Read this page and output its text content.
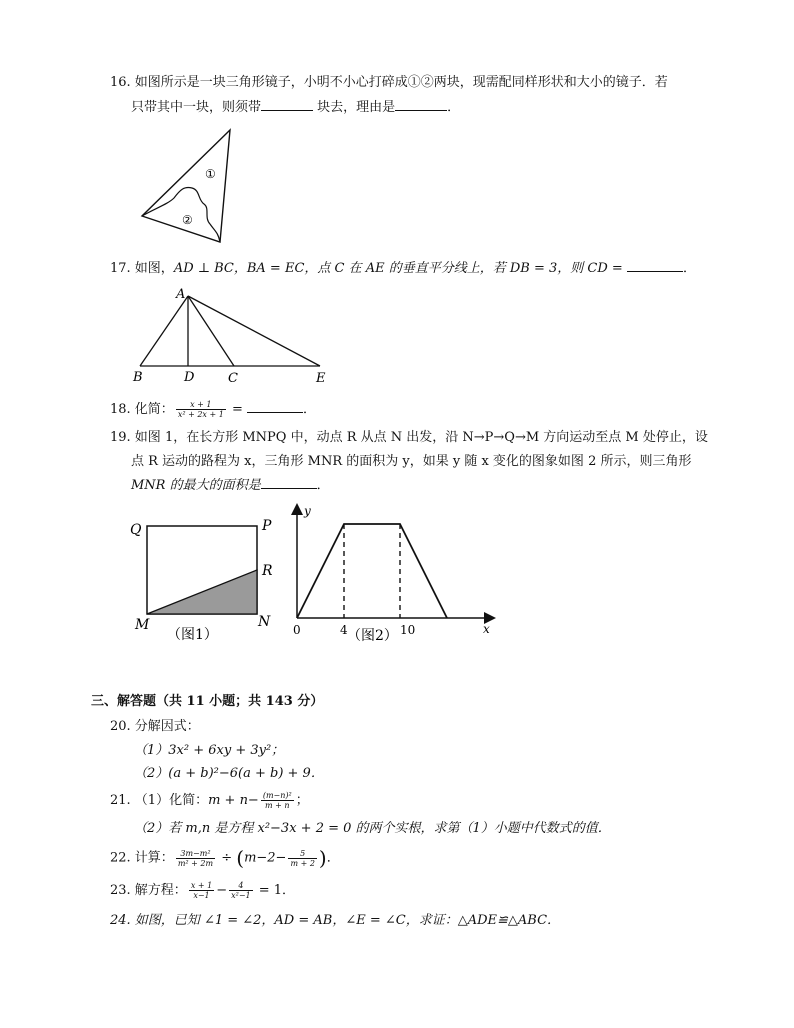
16. 如图所示是一块三角形镜子，小明不小心打碎成①②两块，现需配同样形状和大小的镜子．若
只带其中一块，则须带	块去，理由是	．
①
②
17. 如图，AD ⊥ BC，BA = EC，点 C 在 AE 的垂直平分线上，若 DB = 3，则 CD =	．
A
B	D	C	E
18. 化简： $\frac{x + 1}{\text{x² + 2x + 1}}$ =	．
19. 如图 1，在长方形 MNPQ 中，动点 R 从点 N 出发，沿 N→P→Q→M 方向运动至点 M 处停止，设
点 R 运动的路程为 x，三角形 MNR 的面积为 y，如果 y 随 x 变化的图象如图 2 所示，则三角形
MNR 的最大的面积是	．
Q	P
R
M	N
（图1）
y
x
0	4	10
（图2）
三、解答题（共 11 小题；共 143 分）
20. 分解因式：
（1）3x² + 6xy + 3y²；
（2）(a + b)²−6(a + b) + 9．
21. （1）化简：$m + n- \frac{\text{(m−n)²}}{m + n}$ ；
（2）若 m,n 是方程 x²−3x + 2 = 0 的两个实根，求第（1）小题中代数式的值．
22. 计算： $\frac{\text{3m−m²}}{\text{m² + 2m}} \div (m-2- \frac{5}{m + 2}$ )．
23. 解方程： $\frac{x + 1}{x-1} - \frac{4}{\text{x²−1}} = 1$．
24. 如图，已知 ∠1 = ∠2，AD = AB，∠E = ∠C，求证：△ADE≌△ABC．
